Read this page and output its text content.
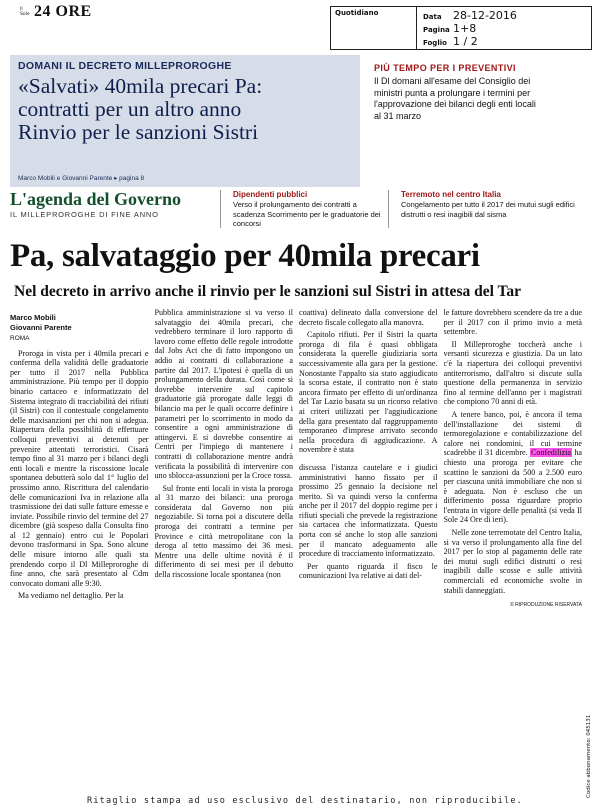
Il Sole 24 ORE	Quotidiano	Data	28-12-2016
Pagina 1+8
Foglio 1 / 2
DOMANI IL DECRETO MILLEPROROGHE
«Salvati» 40mila precari Pa:
contratti per un altro anno
Rinvio per le sanzioni Sistri
Marco Mobili e Giovanni Parente ▸ pagina 8
PIÙ TEMPO PER I PREVENTIVI
Il Dl domani all'esame del Consiglio dei ministri punta a prolungare i termini per l'approvazione dei bilanci degli enti locali al 31 marzo
L'agenda del Governo
IL MILLEPROROGHE DI FINE ANNO
Dipendenti pubblici
Verso il prolungamento dei contratti a scadenza Scorrimento per le graduatorie dei concorsi
Terremoto nel centro Italia
Congelamento per tutto il 2017 dei mutui sugli edifici distrutti o resi inagibili dal sisma
Pa, salvataggio per 40mila precari
Nel decreto in arrivo anche il rinvio per le sanzioni sul Sistri in attesa del Tar
Marco Mobili
Giovanni Parente
ROMA

Proroga in vista per i 40mila precari e conferma della validità delle graduatorie per tutto il 2017 nella Pubblica amministrazione. Più tempo per il doppio binario cartaceo e informatizzato del Sistema integrato di tracciabilità dei rifiuti (il Sistri) con il contestuale congelamento delle maxisanzioni per chi non si adegua. Riapertura della possibilità di effettuare colloqui preventivi ai detenuti per prevenire attentati terroristici. Cisarà tempo fino al 31 marzo per i bilanci degli enti locali e mentre la riscossione locale spontanea debutterà solo dal 1° luglio del prossimo anno. Riscrittura del calendario delle comunicazioni Iva in relazione alla trasmissione dei dati sulle fatture emesse e inviate. Possibile rinvio del termine del 27 dicembre (già sospeso dalla Consulta fino al 12 gennaio) entro cui le Popolari devono trasformarsi in Spa. Sono alcune delle misure intorno alle quali sta prendendo corpo il Dl Milleproroghe di fine anno, che sarà presentato al Cdm convocato domani alle 9:30.

Ma vediamo nel dettaglio. Per la

Pubblica amministrazione si va verso il salvataggio dei 40mila precari, che vedrebbero terminare il loro rapporto di lavoro come effetto delle regole introdotte dal Jobs Act che di fatto impongono un addio ai contratti di collaborazione a partire dal 2017. L'ipotesi è quella di un prolungamento della durata. Così come si dovrebbe intervenire sul capitolo graduatorie già prorogate dalle leggi di bilancio ma per le quali occorre definire i parametri per lo scorrimento in modo da consentire a ogni amministrazione di attingervi. E si dovrebbe consentire ai Centri per l'impiego di mantenere i contratti di collaborazione mentre andrà verificata la possibilità di intervenire con uno sblocca-assunzioni per la Croce rossa.

Sul fronte enti locali in vista la proroga al 31 marzo dei bilanci: una proroga considerata dal Governo non più negoziabile. Si torna poi a discutere della proroga dei contratti a termine per Province e città metropolitane con la deroga al tetto massimo dei 36 mesi. Mentre una delle ultime novità è il differimento di sei mesi per il debutto della riscossione locale spontanea (non

coattiva) delineato dalla conversione del decreto fiscale collegato alla manovra.

Capitolo rifiuti. Per il Sistri la quarta proroga di fila è quasi obbligata considerata la querelle giudiziaria sorta successivamente alla gara per la gestione. Nonostante l'appalto sia stato aggiudicato la scorsa estate, il contratto non è stato ancora firmato per effetto di un'ordinanza del Tar Lazio basata su un ricorso relativo ai criteri utilizzati per l'aggiudicazione della gara presentato dal raggruppamento temporaneo d'imprese arrivato secondo nella procedura di aggiudicazione. A novembre è stata

discussa l'istanza cautelare e i giudici amministrativi hanno fissato per il prossimo 25 gennaio la decisione nel merito. Si va quindi verso la conferma anche per il 2017 del doppio regime per i rifiuti speciali che prevede la registrazione sia cartacea che informatizzata. Questo porta con sé anche lo stop alle sanzioni per il mancato adeguamento alle procedure di tracciamento informatizzato.

Per quanto riguarda il fisco le comunicazioni Iva relative ai dati del-

le fatture dovrebbero scendere da tre a due per il 2017 con il primo invio a metà settembre.

Il Milleproroghe toccherà anche i versanti sicurezza e giustizia. Da un lato c'è la riapertura dei colloqui preventivi antiterrorismo, dall'altro si discute sulla questione della permanenza in servizio fino al termine dell'anno per i magistrati che compiono 70 anni di età.

A tenere banco, poi, è ancora il tema dell'installazione dei sistemi di termoregolazione e contabilizzazione del calore nei condomini, il cui termine scadrebbe il 31 dicembre. Confedilizia ha chiesto una proroga per evitare che scattino le sanzioni da 500 a 2.500 euro per ciascuna unità immobiliare che non si è adeguata. Non è escluso che un differimento possa riguardare proprio l'entrata in vigore delle penalità (si veda Il Sole 24 Ore di ieri).

Nelle zone terremotate del Centro Italia, si va verso il prolungamento alla fine del 2017 per lo stop al pagamento delle rate dei mutui sugli edifici distrutti o resi inagibili dalle scosse e sulle attività commerciali ed economiche svolte in stabili danneggiati.

© RIPRODUZIONE RISERVATA
Codice abbonamento: 045131
Ritaglio stampa ad uso esclusivo del destinatario, non riproducibile.
